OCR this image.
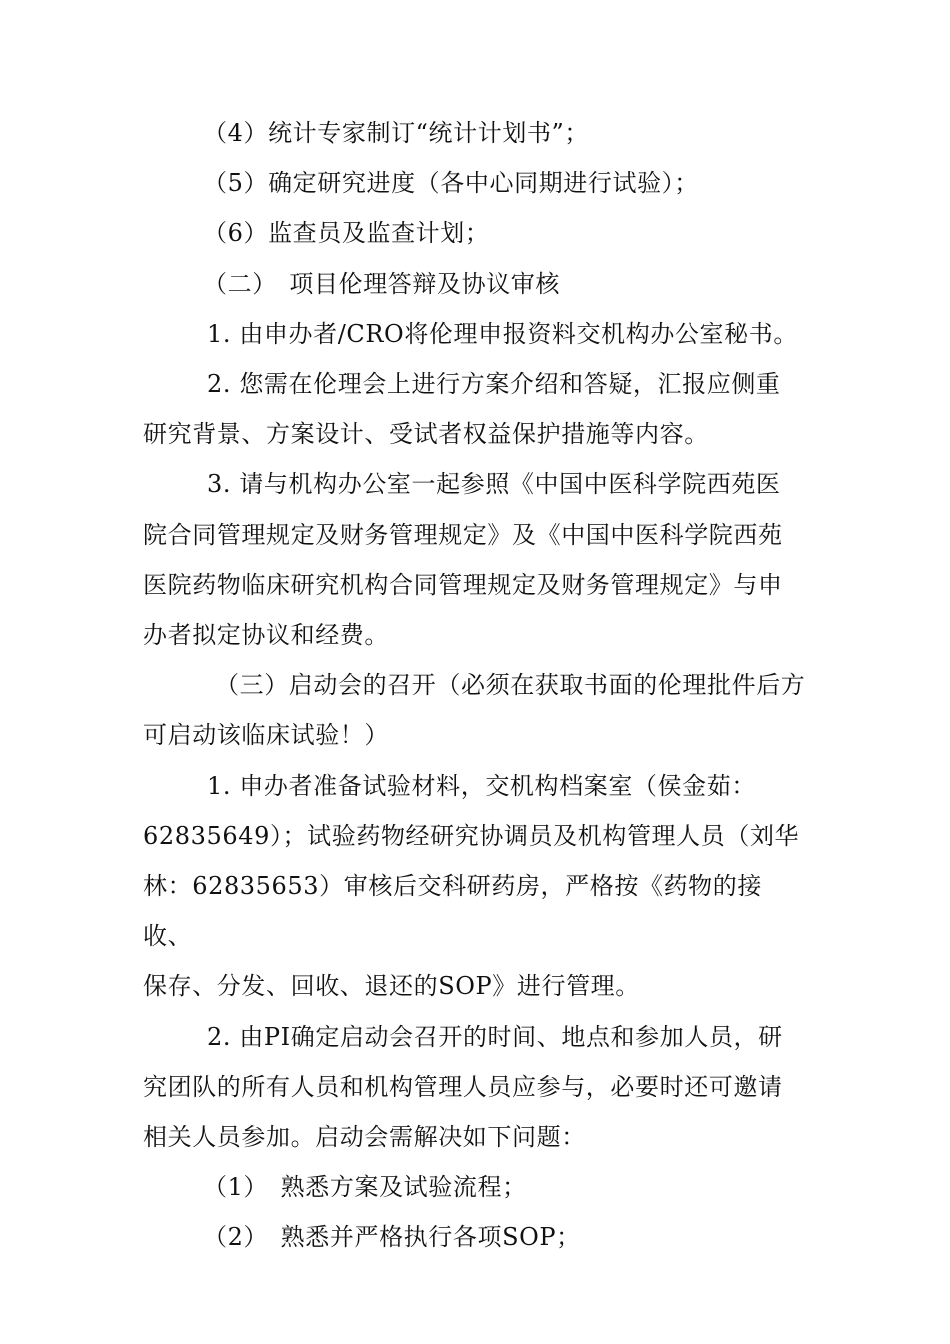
（4）统计专家制订“统计计划书”；

（5）确定研究进度（各中心同期进行试验）；

（6）监查员及监查计划；

（二）　项目伦理答辩及协议审核

1. 由申办者/CRO将伦理申报资料交机构办公室秘书。

2. 您需在伦理会上进行方案介绍和答疑，汇报应侧重
研究背景、方案设计、受试者权益保护措施等内容。

3. 请与机构办公室一起参照《中国中医科学院西苑医
院合同管理规定及财务管理规定》及《中国中医科学院西苑
医院药物临床研究机构合同管理规定及财务管理规定》与申
办者拟定协议和经费。

（三）启动会的召开（必须在获取书面的伦理批件后方
可启动该临床试验！）

1. 申办者准备试验材料，交机构档案室（侯金茹：
62835649）；试验药物经研究协调员及机构管理人员（刘华
林：62835653）审核后交科研药房，严格按《药物的接收、
保存、分发、回收、退还的SOP》进行管理。

2. 由PI确定启动会召开的时间、地点和参加人员，研
究团队的所有人员和机构管理人员应参与，必要时还可邀请
相关人员参加。启动会需解决如下问题：

（1）　熟悉方案及试验流程；

（2）　熟悉并严格执行各项SOP；
